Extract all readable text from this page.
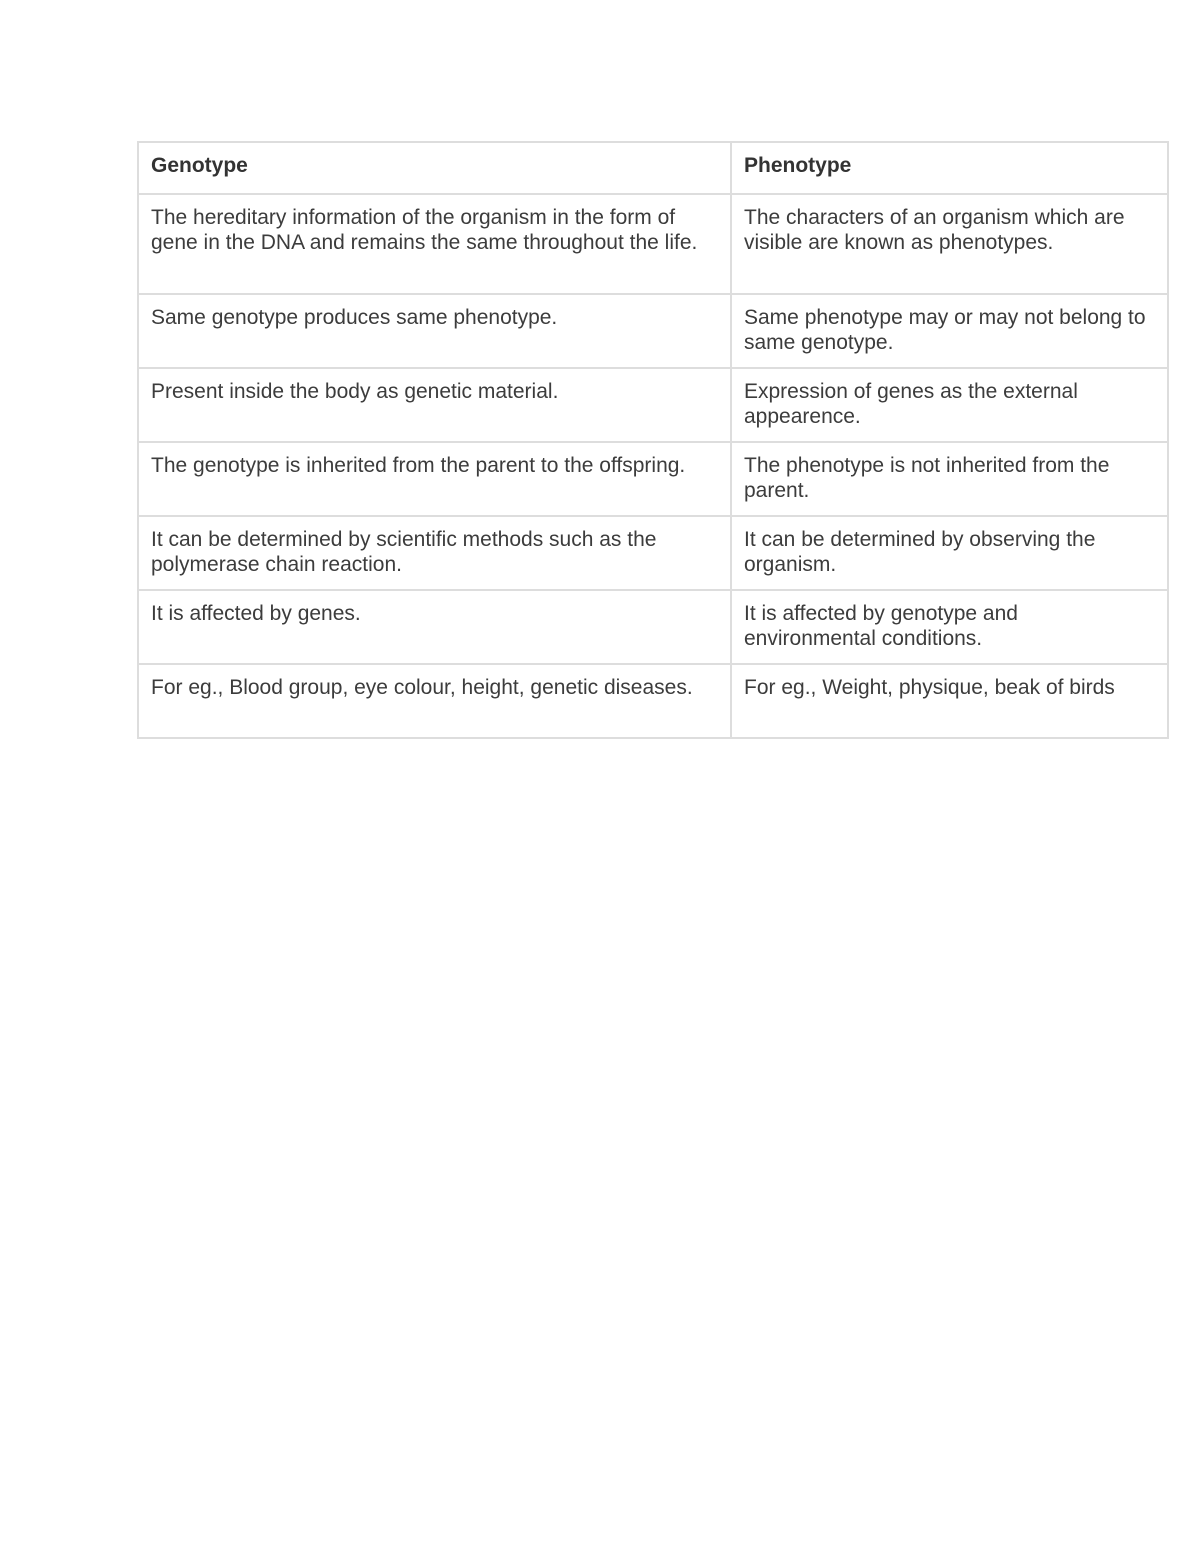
Genotype	Phenotype
The hereditary information of the organism in the form of gene in the DNA and remains the same throughout the life.	The characters of an organism which are visible are known as phenotypes.
Same genotype produces same phenotype.	Same phenotype may or may not belong to same genotype.
Present inside the body as genetic material.	Expression of genes as the external appearence.
The genotype is inherited from the parent to the offspring.	The phenotype is not inherited from the parent.
It can be determined by scientific methods such as the polymerase chain reaction.	It can be determined by observing the organism.
It is affected by genes.	It is affected by genotype and environmental conditions.
For eg., Blood group, eye colour, height, genetic diseases.	For eg., Weight, physique, beak of birds
